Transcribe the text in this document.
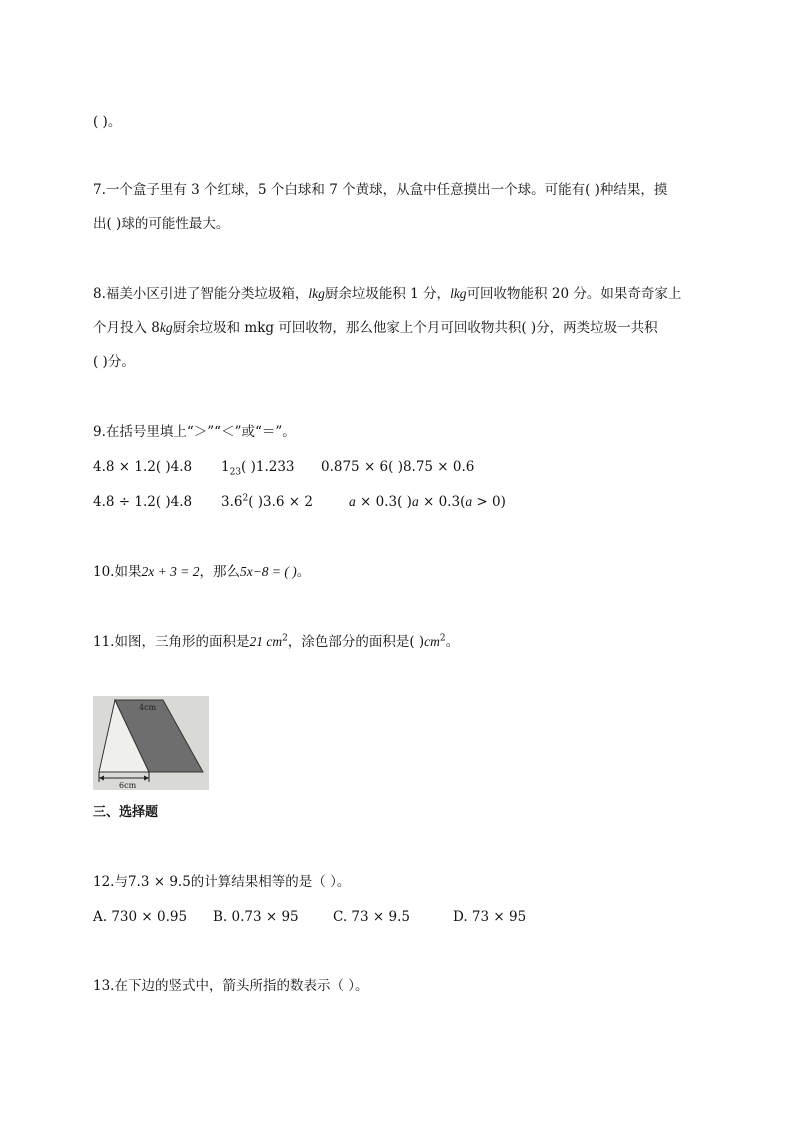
( )。
7.一个盒子里有 3 个红球，5 个白球和 7 个黄球，从盒中任意摸出一个球。可能有( )种结果，摸
出( )球的可能性最大。
8.福美小区引进了智能分类垃圾箱，lkg厨余垃圾能积 1 分，lkg可回收物能积 20 分。如果奇奇家上
个月投入 8kg厨余垃圾和 mkg 可回收物，那么他家上个月可回收物共积( )分，两类垃圾一共积
( )分。
9.在括号里填上“＞”“＜”或“＝”。
4.8 × 1.2( )4.8 $1_{23}$( )1.233 0.875 × 6( )8.75 × 0.6
4.8 ÷ 1.2( )4.8 $3.6^2$( )3.6 × 2	a × 0.3( )a × 0.3(a > 0)
10.如果2x + 3 = 2，那么5x−8 = ( )。
11.如图，三角形的面积是21 $cm^2$，涂色部分的面积是( )$cm^2$。
4cm
6cm
三、选择题
12.与7.3 × 9.5的计算结果相等的是（ ）。
A. 730 × 0.95 B. 0.73 × 95	C. 73 × 9.5	D. 73 × 95
13.在下边的竖式中，箭头所指的数表示（ ）。
